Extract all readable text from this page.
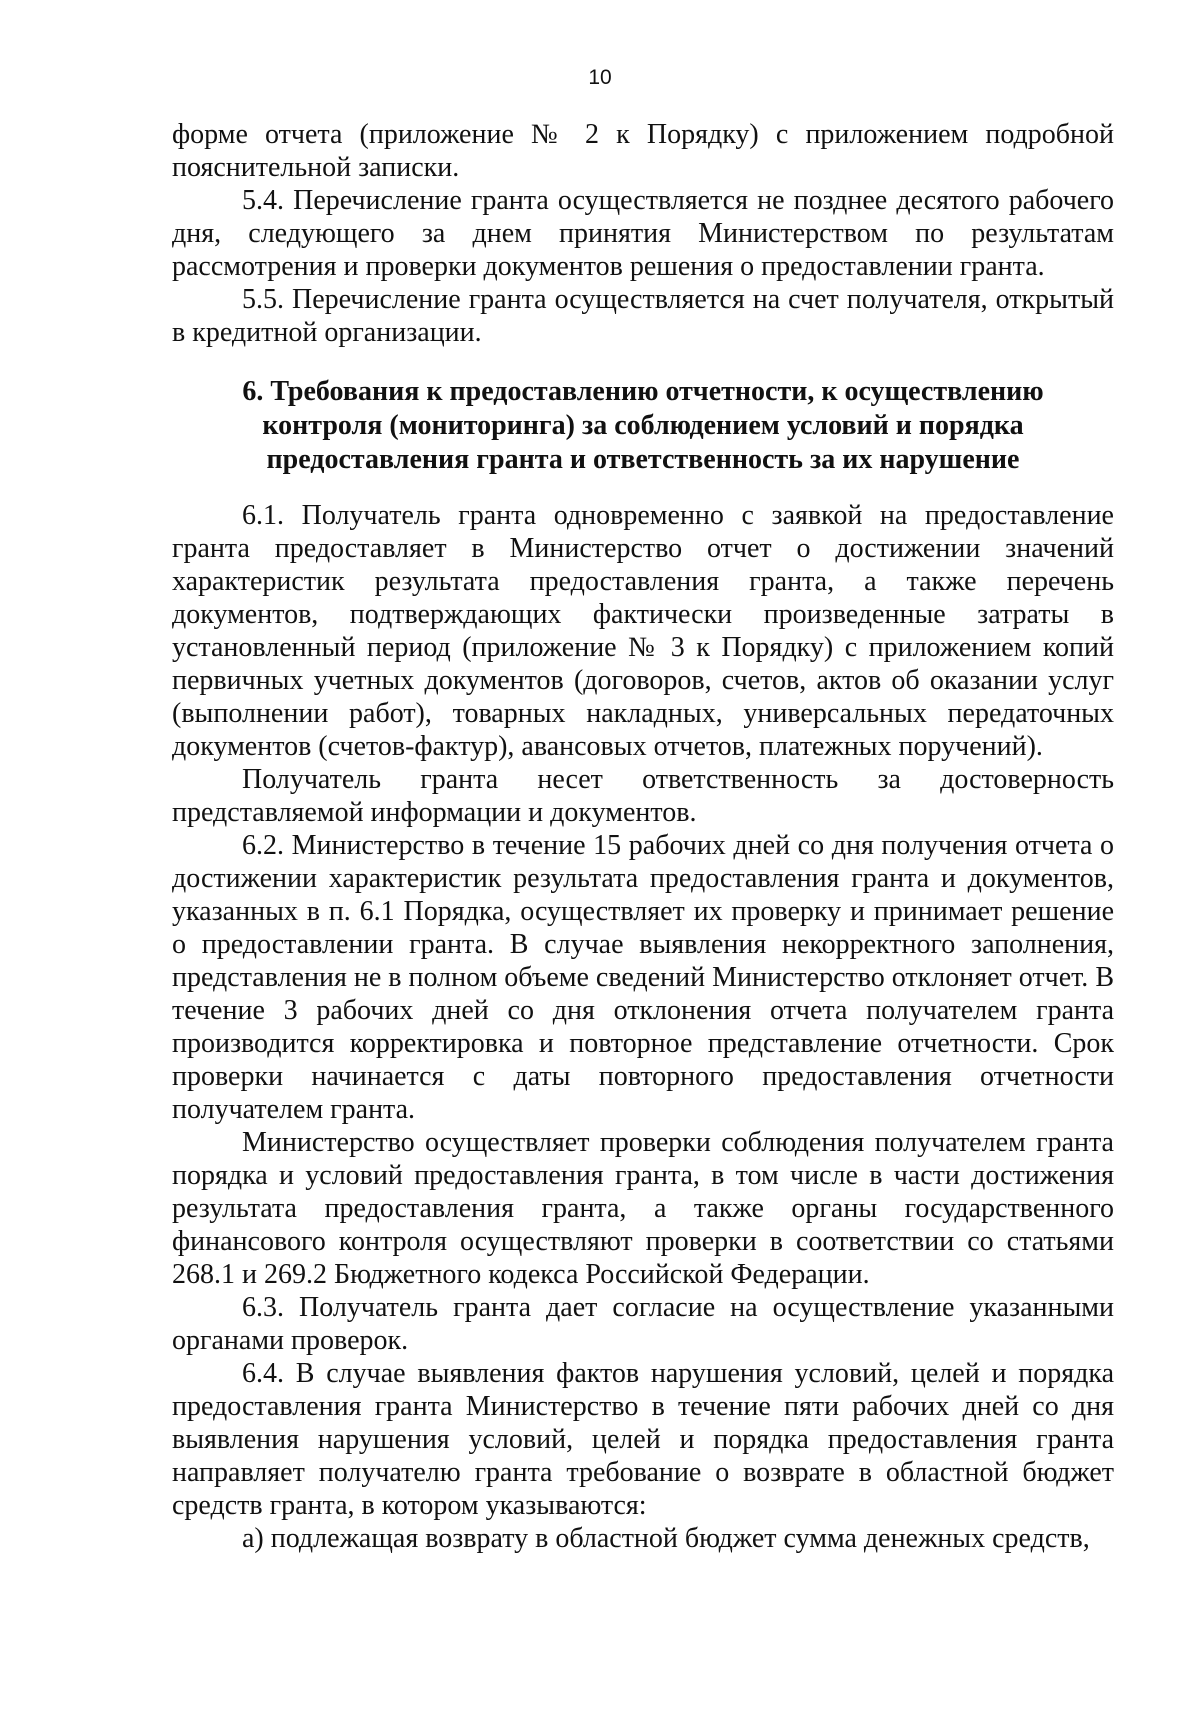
10

форме отчета (приложение № 2 к Порядку) с приложением подробной пояснительной записки.

5.4. Перечисление гранта осуществляется не позднее десятого рабочего дня, следующего за днем принятия Министерством по результатам рассмотрения и проверки документов решения о предоставлении гранта.

5.5. Перечисление гранта осуществляется на счет получателя, открытый в кредитной организации.

6. Требования к предоставлению отчетности, к осуществлению
контроля (мониторинга) за соблюдением условий и порядка
предоставления гранта и ответственность за их нарушение

6.1. Получатель гранта одновременно с заявкой на предоставление гранта предоставляет в Министерство отчет о достижении значений характеристик результата предоставления гранта, а также перечень документов, подтверждающих фактически произведенные затраты в установленный период (приложение № 3 к Порядку) с приложением копий первичных учетных документов (договоров, счетов, актов об оказании услуг (выполнении работ), товарных накладных, универсальных передаточных документов (счетов-фактур), авансовых отчетов, платежных поручений).

Получатель гранта несет ответственность за достоверность представляемой информации и документов.

6.2. Министерство в течение 15 рабочих дней со дня получения отчета о достижении характеристик результата предоставления гранта и документов, указанных в п. 6.1 Порядка, осуществляет их проверку и принимает решение о предоставлении гранта. В случае выявления некорректного заполнения, представления не в полном объеме сведений Министерство отклоняет отчет. В течение 3 рабочих дней со дня отклонения отчета получателем гранта производится корректировка и повторное представление отчетности. Срок проверки начинается с даты повторного предоставления отчетности получателем гранта.

Министерство осуществляет проверки соблюдения получателем гранта порядка и условий предоставления гранта, в том числе в части достижения результата предоставления гранта, а также органы государственного финансового контроля осуществляют проверки в соответствии со статьями 268.1 и 269.2 Бюджетного кодекса Российской Федерации.

6.3. Получатель гранта дает согласие на осуществление указанными органами проверок.

6.4. В случае выявления фактов нарушения условий, целей и порядка предоставления гранта Министерство в течение пяти рабочих дней со дня выявления нарушения условий, целей и порядка предоставления гранта направляет получателю гранта требование о возврате в областной бюджет средств гранта, в котором указываются:

а) подлежащая возврату в областной бюджет сумма денежных средств,
